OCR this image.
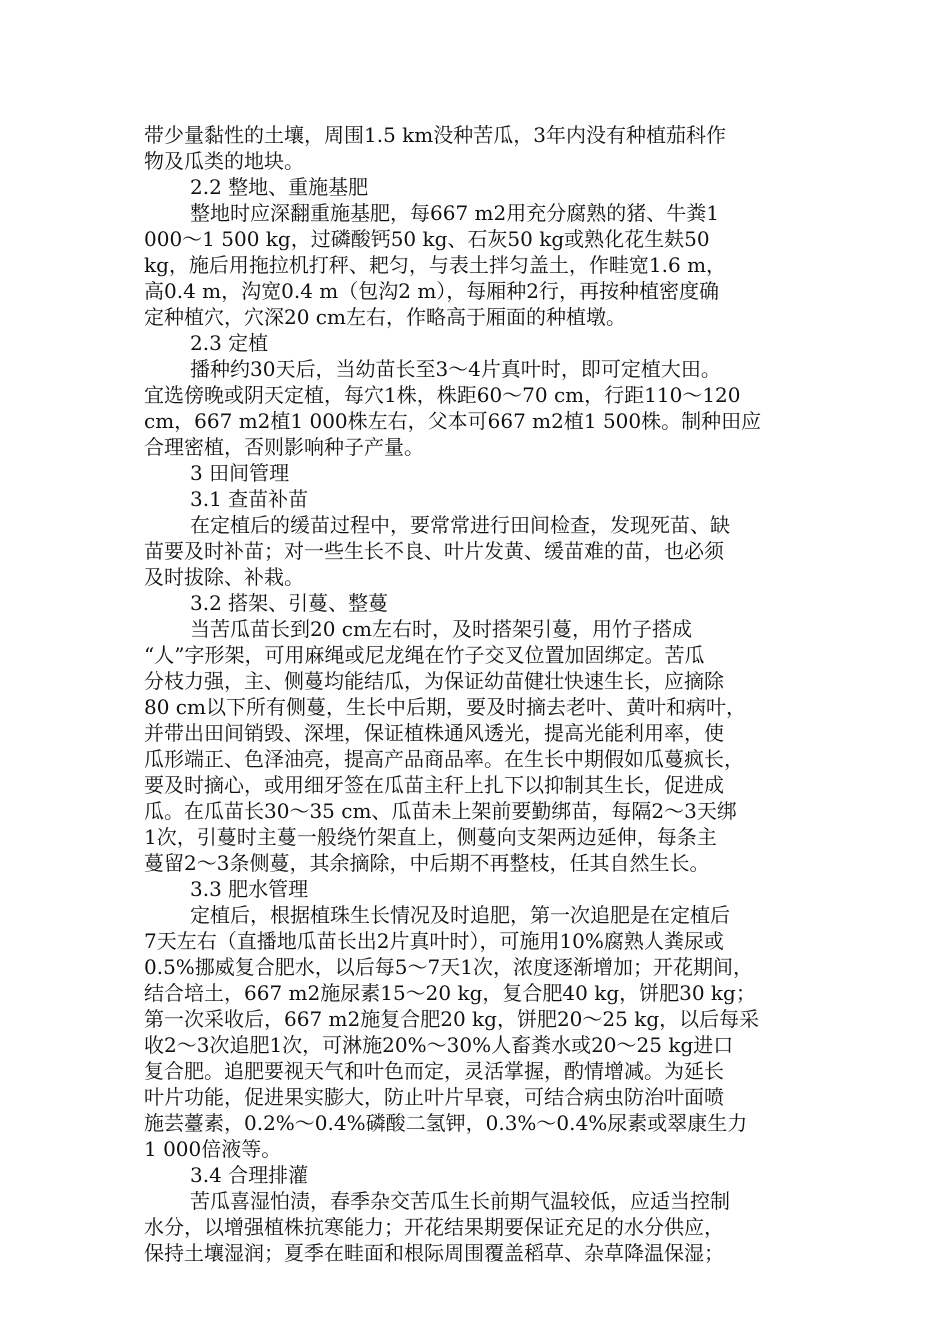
带少量黏性的土壤，周围1.5 km没种苦瓜，3年内没有种植茄科作
物及瓜类的地块。
2.2 整地、重施基肥
整地时应深翻重施基肥，每667 m2用充分腐熟的猪、牛粪1
000～1 500 kg，过磷酸钙50 kg、石灰50 kg或熟化花生麸50
kg，施后用拖拉机打秤、耙匀，与表土拌匀盖土，作畦宽1.6 m，
高0.4 m，沟宽0.4 m（包沟2 m），每厢种2行，再按种植密度确
定种植穴，穴深20 cm左右，作略高于厢面的种植墩。
2.3 定植
播种约30天后，当幼苗长至3～4片真叶时，即可定植大田。
宜选傍晚或阴天定植，每穴1株，株距60～70 cm，行距110～120
cm，667 m2植1 000株左右，父本可667 m2植1 500株。制种田应
合理密植，否则影响种子产量。
3 田间管理
3.1 查苗补苗
在定植后的缓苗过程中，要常常进行田间检查，发现死苗、缺
苗要及时补苗；对一些生长不良、叶片发黄、缓苗难的苗，也必须
及时拔除、补栽。
3.2 搭架、引蔓、整蔓
当苦瓜苗长到20 cm左右时，及时搭架引蔓，用竹子搭成
“人”字形架，可用麻绳或尼龙绳在竹子交叉位置加固绑定。苦瓜
分枝力强，主、侧蔓均能结瓜，为保证幼苗健壮快速生长，应摘除
80 cm以下所有侧蔓，生长中后期，要及时摘去老叶、黄叶和病叶，
并带出田间销毁、深埋，保证植株通风透光，提高光能利用率，使
瓜形端正、色泽油亮，提高产品商品率。在生长中期假如瓜蔓疯长，
要及时摘心，或用细牙签在瓜苗主秆上扎下以抑制其生长，促进成
瓜。在瓜苗长30～35 cm、瓜苗未上架前要勤绑苗，每隔2～3天绑
1次，引蔓时主蔓一般绕竹架直上，侧蔓向支架两边延伸，每条主
蔓留2～3条侧蔓，其余摘除，中后期不再整枝，任其自然生长。
3.3 肥水管理
定植后，根据植珠生长情况及时追肥，第一次追肥是在定植后
7天左右（直播地瓜苗长出2片真叶时），可施用10%腐熟人粪尿或
0.5%挪威复合肥水，以后每5～7天1次，浓度逐渐增加；开花期间，
结合培土，667 m2施尿素15～20 kg，复合肥40 kg，饼肥30 kg；
第一次采收后，667 m2施复合肥20 kg，饼肥20～25 kg，以后每采
收2～3次追肥1次，可淋施20%～30%人畜粪水或20～25 kg进口
复合肥。追肥要视天气和叶色而定，灵活掌握，酌情增减。为延长
叶片功能，促进果实膨大，防止叶片早衰，可结合病虫防治叶面喷
施芸薹素，0.2%～0.4%磷酸二氢钾，0.3%～0.4%尿素或翠康生力
1 000倍液等。
3.4 合理排灌
苦瓜喜湿怕渍，春季杂交苦瓜生长前期气温较低，应适当控制
水分，以增强植株抗寒能力；开花结果期要保证充足的水分供应，
保持土壤湿润；夏季在畦面和根际周围覆盖稻草、杂草降温保湿；
